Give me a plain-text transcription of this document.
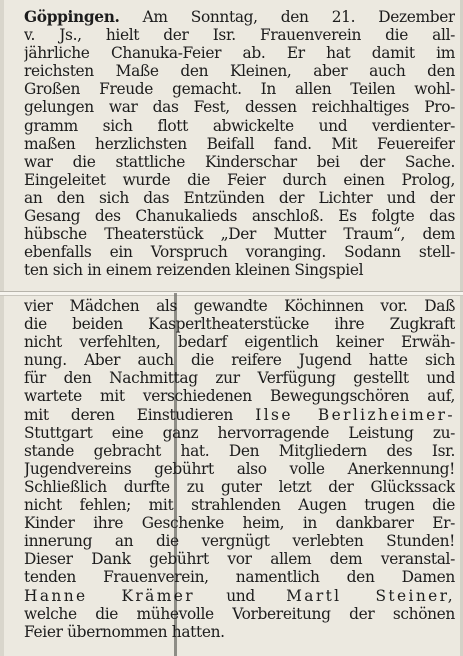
Göppingen. Am Sonntag, den 21. Dezember
v. Js., hielt der Isr. Frauenverein die all-
jährliche Chanuka-Feier ab. Er hat damit im
reichsten Maße den Kleinen, aber auch den
Großen Freude gemacht. In allen Teilen wohl-
gelungen war das Fest, dessen reichhaltiges Pro-
gramm sich flott abwickelte und verdienter-
maßen herzlichsten Beifall fand. Mit Feuereifer
war die stattliche Kinderschar bei der Sache.
Eingeleitet wurde die Feier durch einen Prolog,
an den sich das Entzünden der Lichter und der
Gesang des Chanukalieds anschloß. Es folgte das
hübsche Theaterstück „Der Mutter Traum“, dem
ebenfalls ein Vorspruch voranging. Sodann stell-
ten sich in einem reizenden kleinen Singspiel
vier Mädchen als gewandte Köchinnen vor. Daß
die beiden Kasperltheaterstücke ihre Zugkraft
nicht verfehlten, bedarf eigentlich keiner Erwäh-
nung. Aber auch die reifere Jugend hatte sich
für den Nachmittag zur Verfügung gestellt und
wartete mit verschiedenen Bewegungschören auf,
mit deren Einstudieren Ilse Berlizheimer-
Stuttgart eine ganz hervorragende Leistung zu-
stande gebracht hat. Den Mitgliedern des Isr.
Jugendvereins gebührt also volle Anerkennung!
Schließlich durfte zu guter letzt der Glückssack
nicht fehlen; mit strahlenden Augen trugen die
Kinder ihre Geschenke heim, in dankbarer Er-
innerung an die vergnügt verlebten Stunden!
Dieser Dank gebührt vor allem dem veranstal-
tenden Frauenverein, namentlich den Damen
Hanne Krämer und Martl Steiner,
welche die mühevolle Vorbereitung der schönen
Feier übernommen hatten.
